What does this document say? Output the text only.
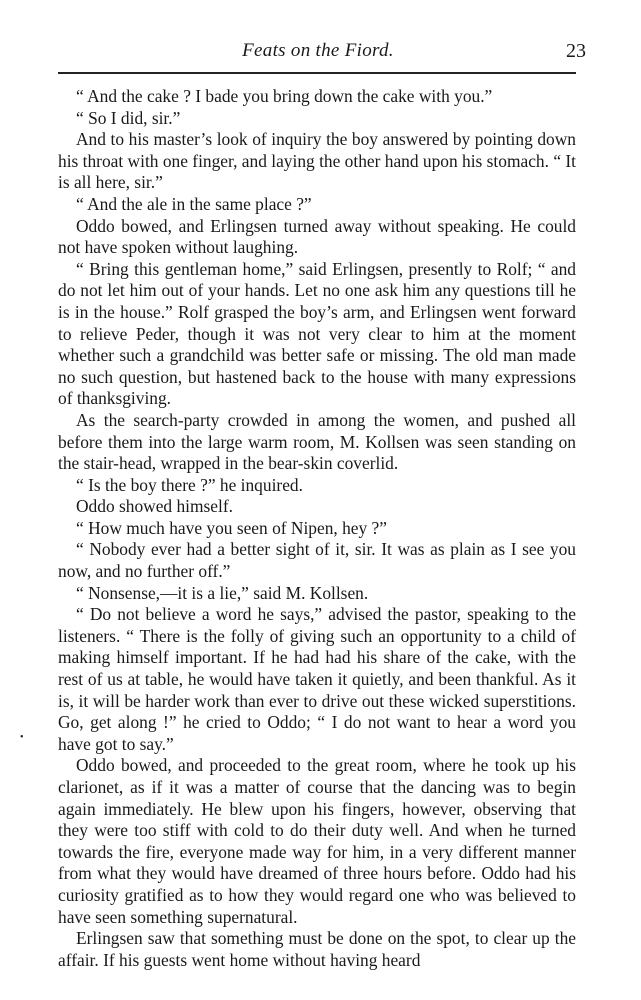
Feats on the Fiord.	23
•

“ And the cake ? I bade you bring down the cake with you.”

“ So I did, sir.”

And to his master’s look of inquiry the boy answered by pointing down his throat with one finger, and laying the other hand upon his stomach. “ It is all here, sir.”

“ And the ale in the same place ?”

Oddo bowed, and Erlingsen turned away without speaking. He could not have spoken without laughing.

“ Bring this gentleman home,” said Erlingsen, presently to Rolf; “ and do not let him out of your hands. Let no one ask him any questions till he is in the house.” Rolf grasped the boy’s arm, and Erlingsen went forward to relieve Peder, though it was not very clear to him at the moment whether such a grandchild was better safe or missing. The old man made no such question, but hastened back to the house with many expressions of thanksgiving.

As the search-party crowded in among the women, and pushed all before them into the large warm room, M. Kollsen was seen standing on the stair-head, wrapped in the bear-skin coverlid.

“ Is the boy there ?” he inquired.

Oddo showed himself.

“ How much have you seen of Nipen, hey ?”

“ Nobody ever had a better sight of it, sir. It was as plain as I see you now, and no further off.”

“ Nonsense,—it is a lie,” said M. Kollsen.

“ Do not believe a word he says,” advised the pastor, speaking to the listeners. “ There is the folly of giving such an opportunity to a child of making himself important. If he had had his share of the cake, with the rest of us at table, he would have taken it quietly, and been thankful. As it is, it will be harder work than ever to drive out these wicked superstitions. Go, get along !” he cried to Oddo; “ I do not want to hear a word you have got to say.”

Oddo bowed, and proceeded to the great room, where he took up his clarionet, as if it was a matter of course that the dancing was to begin again immediately. He blew upon his fingers, however, observing that they were too stiff with cold to do their duty well. And when he turned towards the fire, everyone made way for him, in a very different manner from what they would have dreamed of three hours before. Oddo had his curiosity gratified as to how they would regard one who was believed to have seen something supernatural.

Erlingsen saw that something must be done on the spot, to clear up the affair. If his guests went home without having heard
